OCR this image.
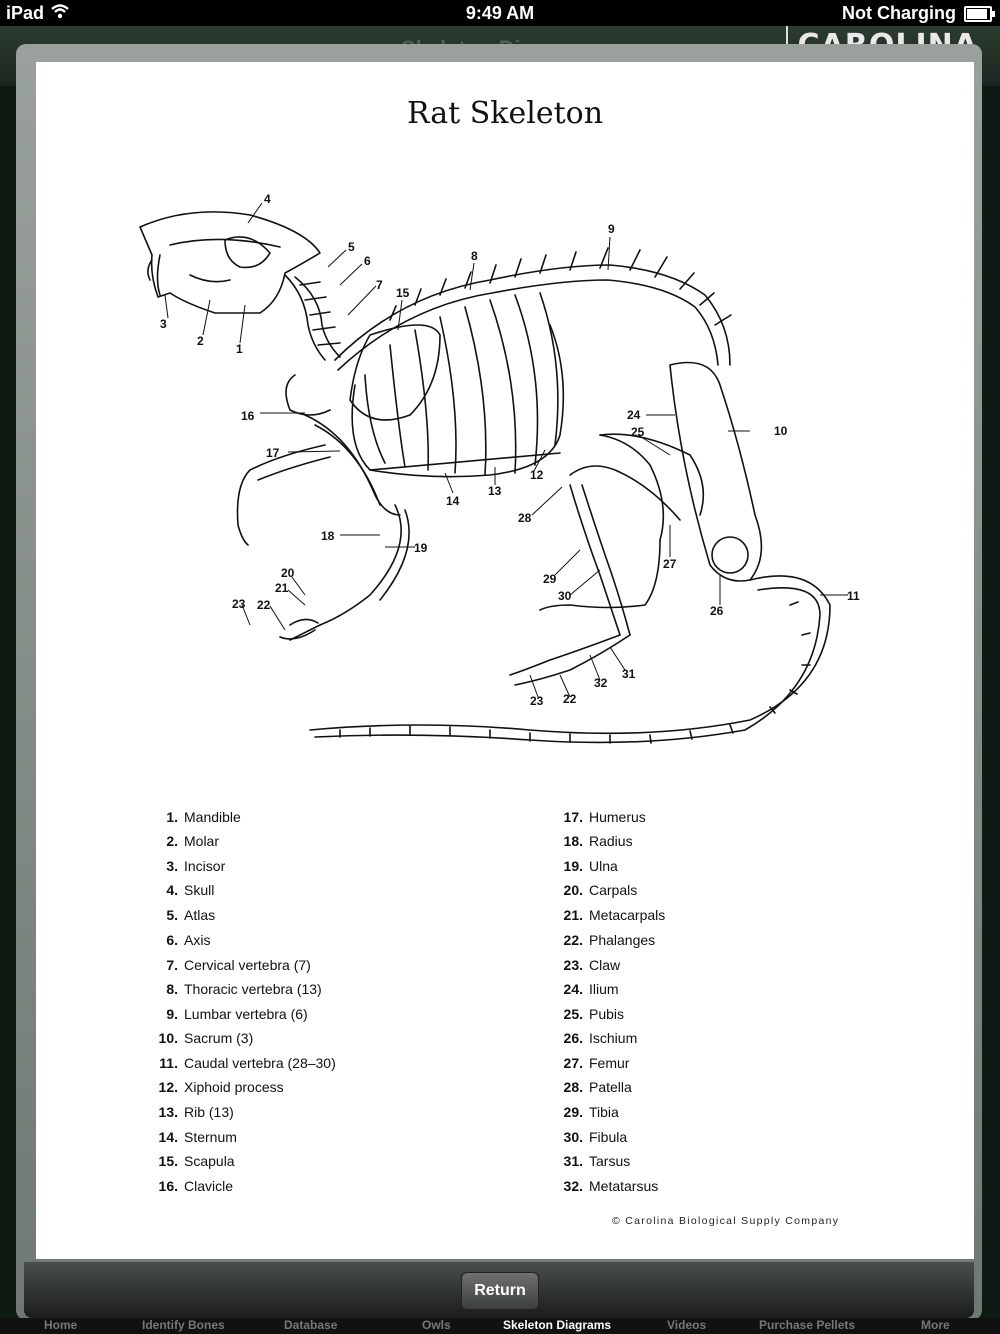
iPad	9:49 AM	Not Charging
Rat Skeleton
4
5
6
7
3
2
1
15
8
9
16
17
24
25	10
12
13
14
28
18
19
27
20
21
29
11
23 22
30
26
31
32
22
23
1. Mandible
2. Molar
3. Incisor
4. Skull
5. Atlas
6. Axis
7. Cervical vertebra (7)
8. Thoracic vertebra (13)
9. Lumbar vertebra (6)
10. Sacrum (3)
11. Caudal vertebra (28–30)
12. Xiphoid process
13. Rib (13)
14. Sternum
15. Scapula
16. Clavicle
17. Humerus
18. Radius
19. Ulna
20. Carpals
21. Metacarpals
22. Phalanges
23. Claw
24. Ilium
25. Pubis
26. Ischium
27. Femur
28. Patella
29. Tibia
30. Fibula
31. Tarsus
32. Metatarsus
© Carolina Biological Supply Company
Return
Home	Identify Bones	Database	Owls	Skeleton Diagrams	Videos	Purchase Pellets	More
